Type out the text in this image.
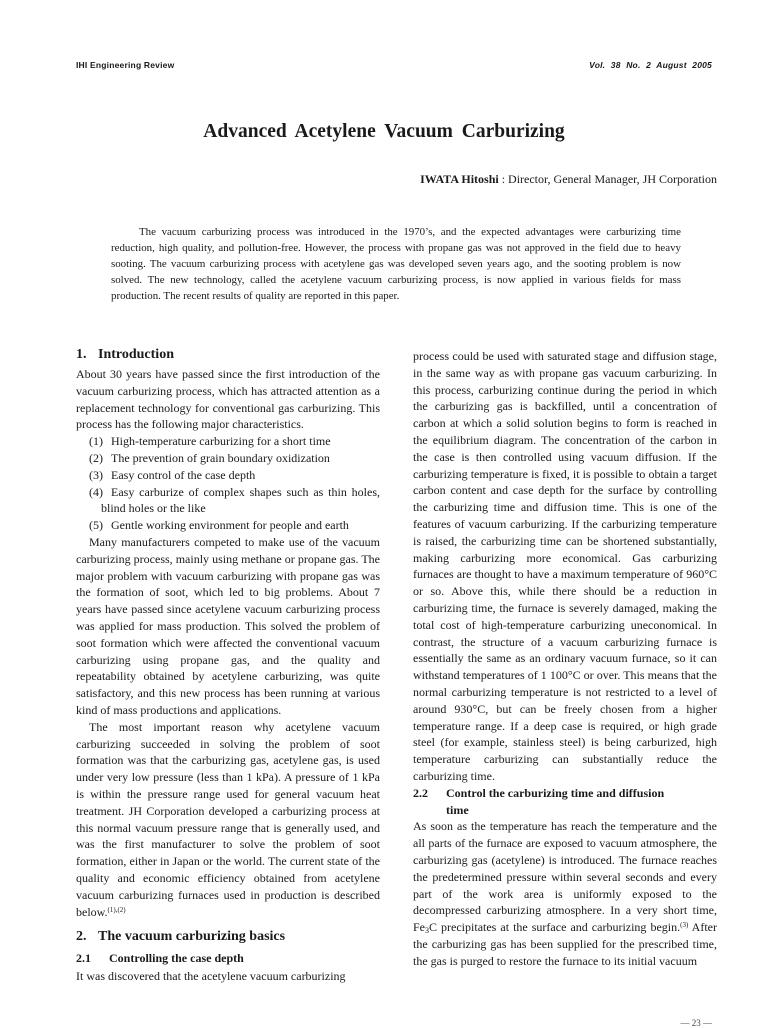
IHI Engineering Review	Vol. 38 No. 2 August 2005
Advanced Acetylene Vacuum Carburizing
IWATA Hitoshi : Director, General Manager, JH Corporation

The vacuum carburizing process was introduced in the 1970’s, and the expected advantages were carburizing time reduction, high quality, and pollution-free. However, the process with propane gas was not approved in the field due to heavy sooting. The vacuum carburizing process with acetylene gas was developed seven years ago, and the sooting problem is now solved. The new technology, called the acetylene vacuum carburizing process, is now applied in various fields for mass production. The recent results of quality are reported in this paper.

1. Introduction

About 30 years have passed since the first introduction of the vacuum carburizing process, which has attracted attention as a replacement technology for conventional gas carburizing. This process has the following major characteristics.

(1) High-temperature carburizing for a short time

(2) The prevention of grain boundary oxidization

(3) Easy control of the case depth

(4) Easy carburize of complex shapes such as thin holes, blind holes or the like

(5) Gentle working environment for people and earth

Many manufacturers competed to make use of the vacuum carburizing process, mainly using methane or propane gas. The major problem with vacuum carburizing with propane gas was the formation of soot, which led to big problems. About 7 years have passed since acetylene vacuum carburizing process was applied for mass production. This solved the problem of soot formation which were affected the conventional vacuum carburizing using propane gas, and the quality and repeatability obtained by acetylene carburizing, was quite satisfactory, and this new process has been running at various kind of mass productions and applications.

The most important reason why acetylene vacuum carburizing succeeded in solving the problem of soot formation was that the carburizing gas, acetylene gas, is used under very low pressure (less than 1 kPa). A pressure of 1 kPa is within the pressure range used for general vacuum heat treatment. JH Corporation developed a carburizing process at this normal vacuum pressure range that is generally used, and was the first manufacturer to solve the problem of soot formation, either in Japan or the world. The current state of the quality and economic efficiency obtained from acetylene vacuum carburizing furnaces used in production is described below.$^{(1),(2)}$

2. The vacuum carburizing basics

2.1 Controlling the case depth

It was discovered that the acetylene vacuum carburizing

process could be used with saturated stage and diffusion stage, in the same way as with propane gas vacuum carburizing. In this process, carburizing continue during the period in which the carburizing gas is backfilled, until a concentration of carbon at which a solid solution begins to form is reached in the equilibrium diagram. The concentration of the carbon in the case is then controlled using vacuum diffusion. If the carburizing temperature is fixed, it is possible to obtain a target carbon content and case depth for the surface by controlling the carburizing time and diffusion time. This is one of the features of vacuum carburizing. If the carburizing temperature is raised, the carburizing time can be shortened substantially, making carburizing more economical. Gas carburizing furnaces are thought to have a maximum temperature of 960°C or so. Above this, while there should be a reduction in carburizing time, the furnace is severely damaged, making the total cost of high-temperature carburizing uneconomical. In contrast, the structure of a vacuum carburizing furnace is essentially the same as an ordinary vacuum furnace, so it can withstand temperatures of 1 100°C or over. This means that the normal carburizing temperature is not restricted to a level of around 930°C, but can be freely chosen from a higher temperature range. If a deep case is required, or high grade steel (for example, stainless steel) is being carburized, high temperature carburizing can substantially reduce the carburizing time.

2.2 Control the carburizing time and diffusion
time

As soon as the temperature has reach the temperature and the all parts of the furnace are exposed to vacuum atmosphere, the carburizing gas (acetylene) is introduced. The furnace reaches the predetermined pressure within several seconds and every part of the work area is uniformly exposed to the decompressed carburizing atmosphere. In a very short time, $Fe_3C$ precipitates at the surface and carburizing begin.$^{(3)}$ After the carburizing gas has been supplied for the prescribed time, the gas is purged to restore the furnace to its initial vacuum

— 23 —
